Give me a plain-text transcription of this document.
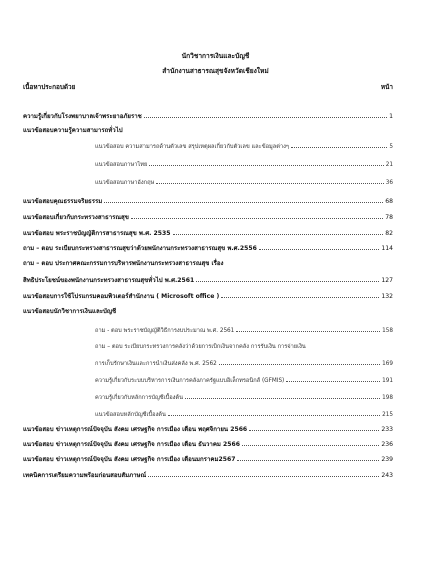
นักวิชาการเงินและบัญชี
สำนักงานสาธารณสุขจังหวัดเชียงใหม่
เนื้อหาประกอบด้วย	หน้า
ความรู้เกี่ยวกับโรงพยาบาลเจ้าพระยาอภัยราช	1
แนวข้อสอบความรู้ความสามารถทั่วไป
แนวข้อสอบ ความสามารถด้านตัวเลข สรุปเหตุผลเกี่ยวกับตัวเลข และข้อมูลต่างๆ	5
แนวข้อสอบภาษาไทย	21
แนวข้อสอบภาษาอังกฤษ	36
แนวข้อสอบคุณธรรมจริยธรรม	68
แนวข้อสอบเกี่ยวกับกระทรวงสาธารณสุข	78
แนวข้อสอบ พระราชบัญญัติการสาธารณสุข พ.ศ. 2535	82
ถาม – ตอบ ระเบียบกระทรวงสาธารณสุขว่าด้วยพนักงานกระทรวงสาธารณสุข พ.ศ.2556	114
ถาม – ตอบ ประกาศคณะกรรมการบริหารพนักงานกระทรวงสาธารณสุข เรื่อง
สิทธิประโยชน์ของพนักงานกระทรวงสาธารณสุขทั่วไป พ.ศ.2561	127
แนวข้อสอบการใช้โปรแกรมคอมพิวเตอร์สำนักงาน ( Microsoft office )	132
แนวข้อสอบนักวิชาการเงินและบัญชี
ถาม - ตอบ พระราชบัญญัติวิธีการงบประมาณ พ.ศ. 2561	158
ถาม – ตอบ ระเบียบกระทรวงการคลังว่าด้วยการเบิกเงินจากคลัง การรับเงิน การจ่ายเงิน
การเก็บรักษาเงินและการนำเงินส่งคลัง พ.ศ. 2562	169
ความรู้เกี่ยวกับระบบบริหารการเงินการคลังภาครัฐแบบอิเล็กทรอนิกส์ (GFMIS)	191
ความรู้เกี่ยวกับหลักการบัญชีเบื้องต้น	198
แนวข้อสอบหลักบัญชีเบื้องต้น	215
แนวข้อสอบ ข่าวเหตุการณ์ปัจจุบัน สังคม เศรษฐกิจ การเมือง เดือน พฤศจิกายน 2566	233
แนวข้อสอบ ข่าวเหตุการณ์ปัจจุบัน สังคม เศรษฐกิจ การเมือง เดือน ธันวาคม 2566	236
แนวข้อสอบ ข่าวเหตุการณ์ปัจจุบัน สังคม เศรษฐกิจ การเมือง เดือนมกราคม2567	239
เทคนิคการเตรียมความพร้อมก่อนสอบสัมภาษณ์	243
